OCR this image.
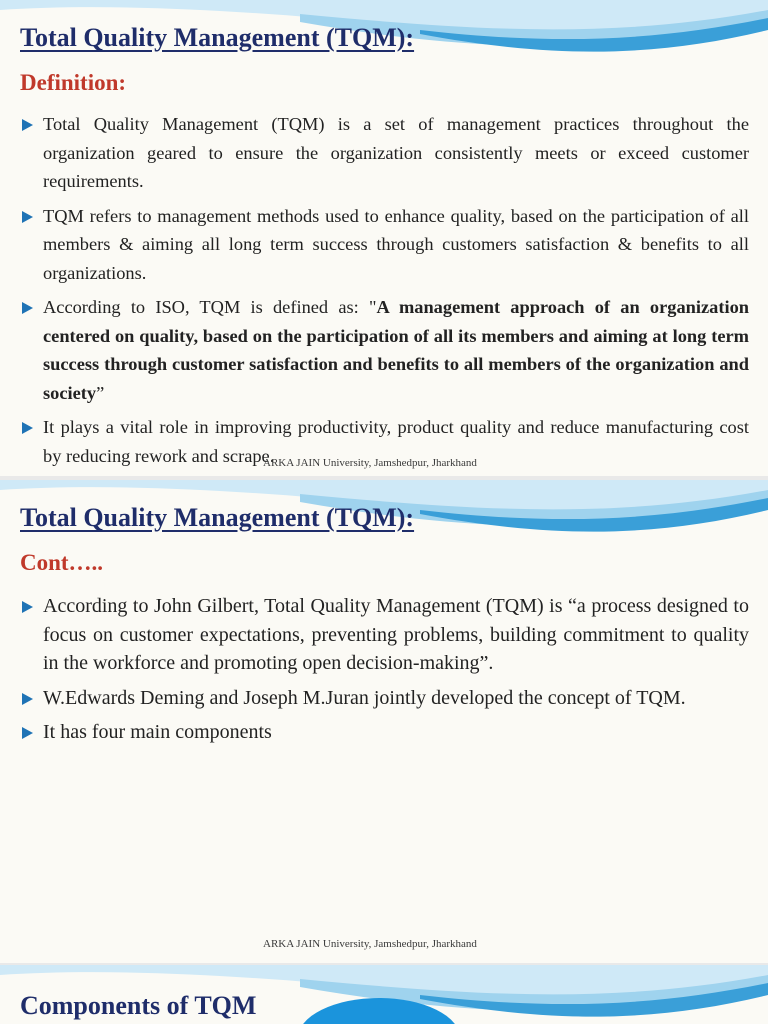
Total Quality Management (TQM):
Definition:
Total Quality Management (TQM) is a set of management practices throughout the organization geared to ensure the organization consistently meets or exceed customer requirements.
TQM refers to management methods used to enhance quality, based on the participation of all members & aiming all long term success through customers satisfaction & benefits to all organizations.
According to ISO, TQM is defined as: "A management approach of an organization centered on quality, based on the participation of all its members and aiming at long term success through customer satisfaction and benefits to all members of the organization and society”
It plays a vital role in improving productivity, product quality and reduce manufacturing cost by reducing rework and scrape.
ARKA JAIN University, Jamshedpur, Jharkhand
Total Quality Management (TQM):
Cont…..
According to John Gilbert, Total Quality Management (TQM) is “a process designed to focus on customer expectations, preventing problems, building commitment to quality in the workforce and promoting open decision-making”.
W.Edwards Deming and Joseph M.Juran jointly developed the concept of TQM.
It has four main components
ARKA JAIN University, Jamshedpur, Jharkhand
Components of TQM
